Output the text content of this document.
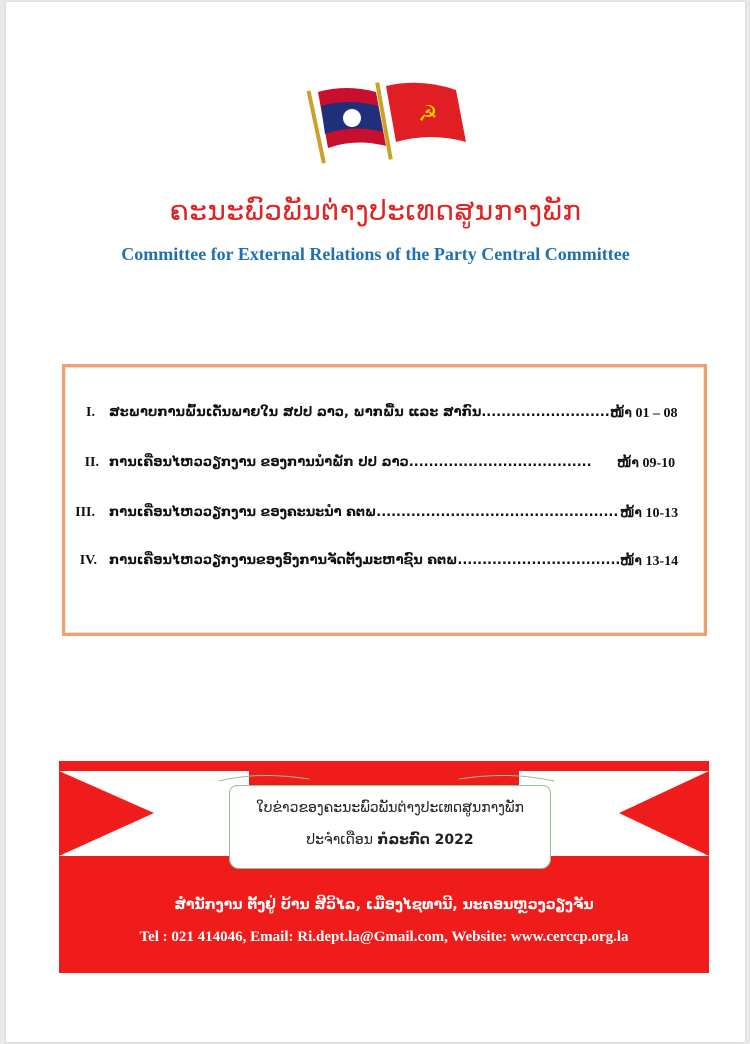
☭
ຄະນະພົວພັນຕ່າງປະເທດສູນກາງພັກ
Committee for External Relations of the Party Central Committee
I. ສະພາບການພົ້ນເດັ່ນພາຍໃນ ສປປ ລາວ, ພາກພື້ນ ແລະ ສາກົນ...........................
ໜ້າ 01 – 08
II. ການເຄື່ອນໄຫວວຽກງານ ຂອງການນຳພັກ ປປ ລາວ..................................... ໜ້າ 09-10
III. ການເຄື່ອນໄຫວວຽກງານ ຂອງຄະນະນຳ ຄຕພ................................................. ໜ້າ 10-13
IV. ການເຄື່ອນໄຫວວຽກງານຂອງອົງການຈັດຕັ້ງມະຫາຊົນ ຄຕພ................................. ໜ້າ 13-14
ໃບຂ່າວຂອງຄະນະພົວພັນຕ່າງປະເທດສູນກາງພັກ
ປະຈຳເດືອນ ກໍລະກົດ 2022
ສຳນັກງານ ຕັ້ງຢູ່ ບ້ານ ສີວິໄລ, ເມືອງໄຊທານີ, ນະຄອນຫຼວງວຽງຈັນ
Tel : 021 414046, Email: Ri.dept.la@Gmail.com, Website: www.cerccp.org.la
